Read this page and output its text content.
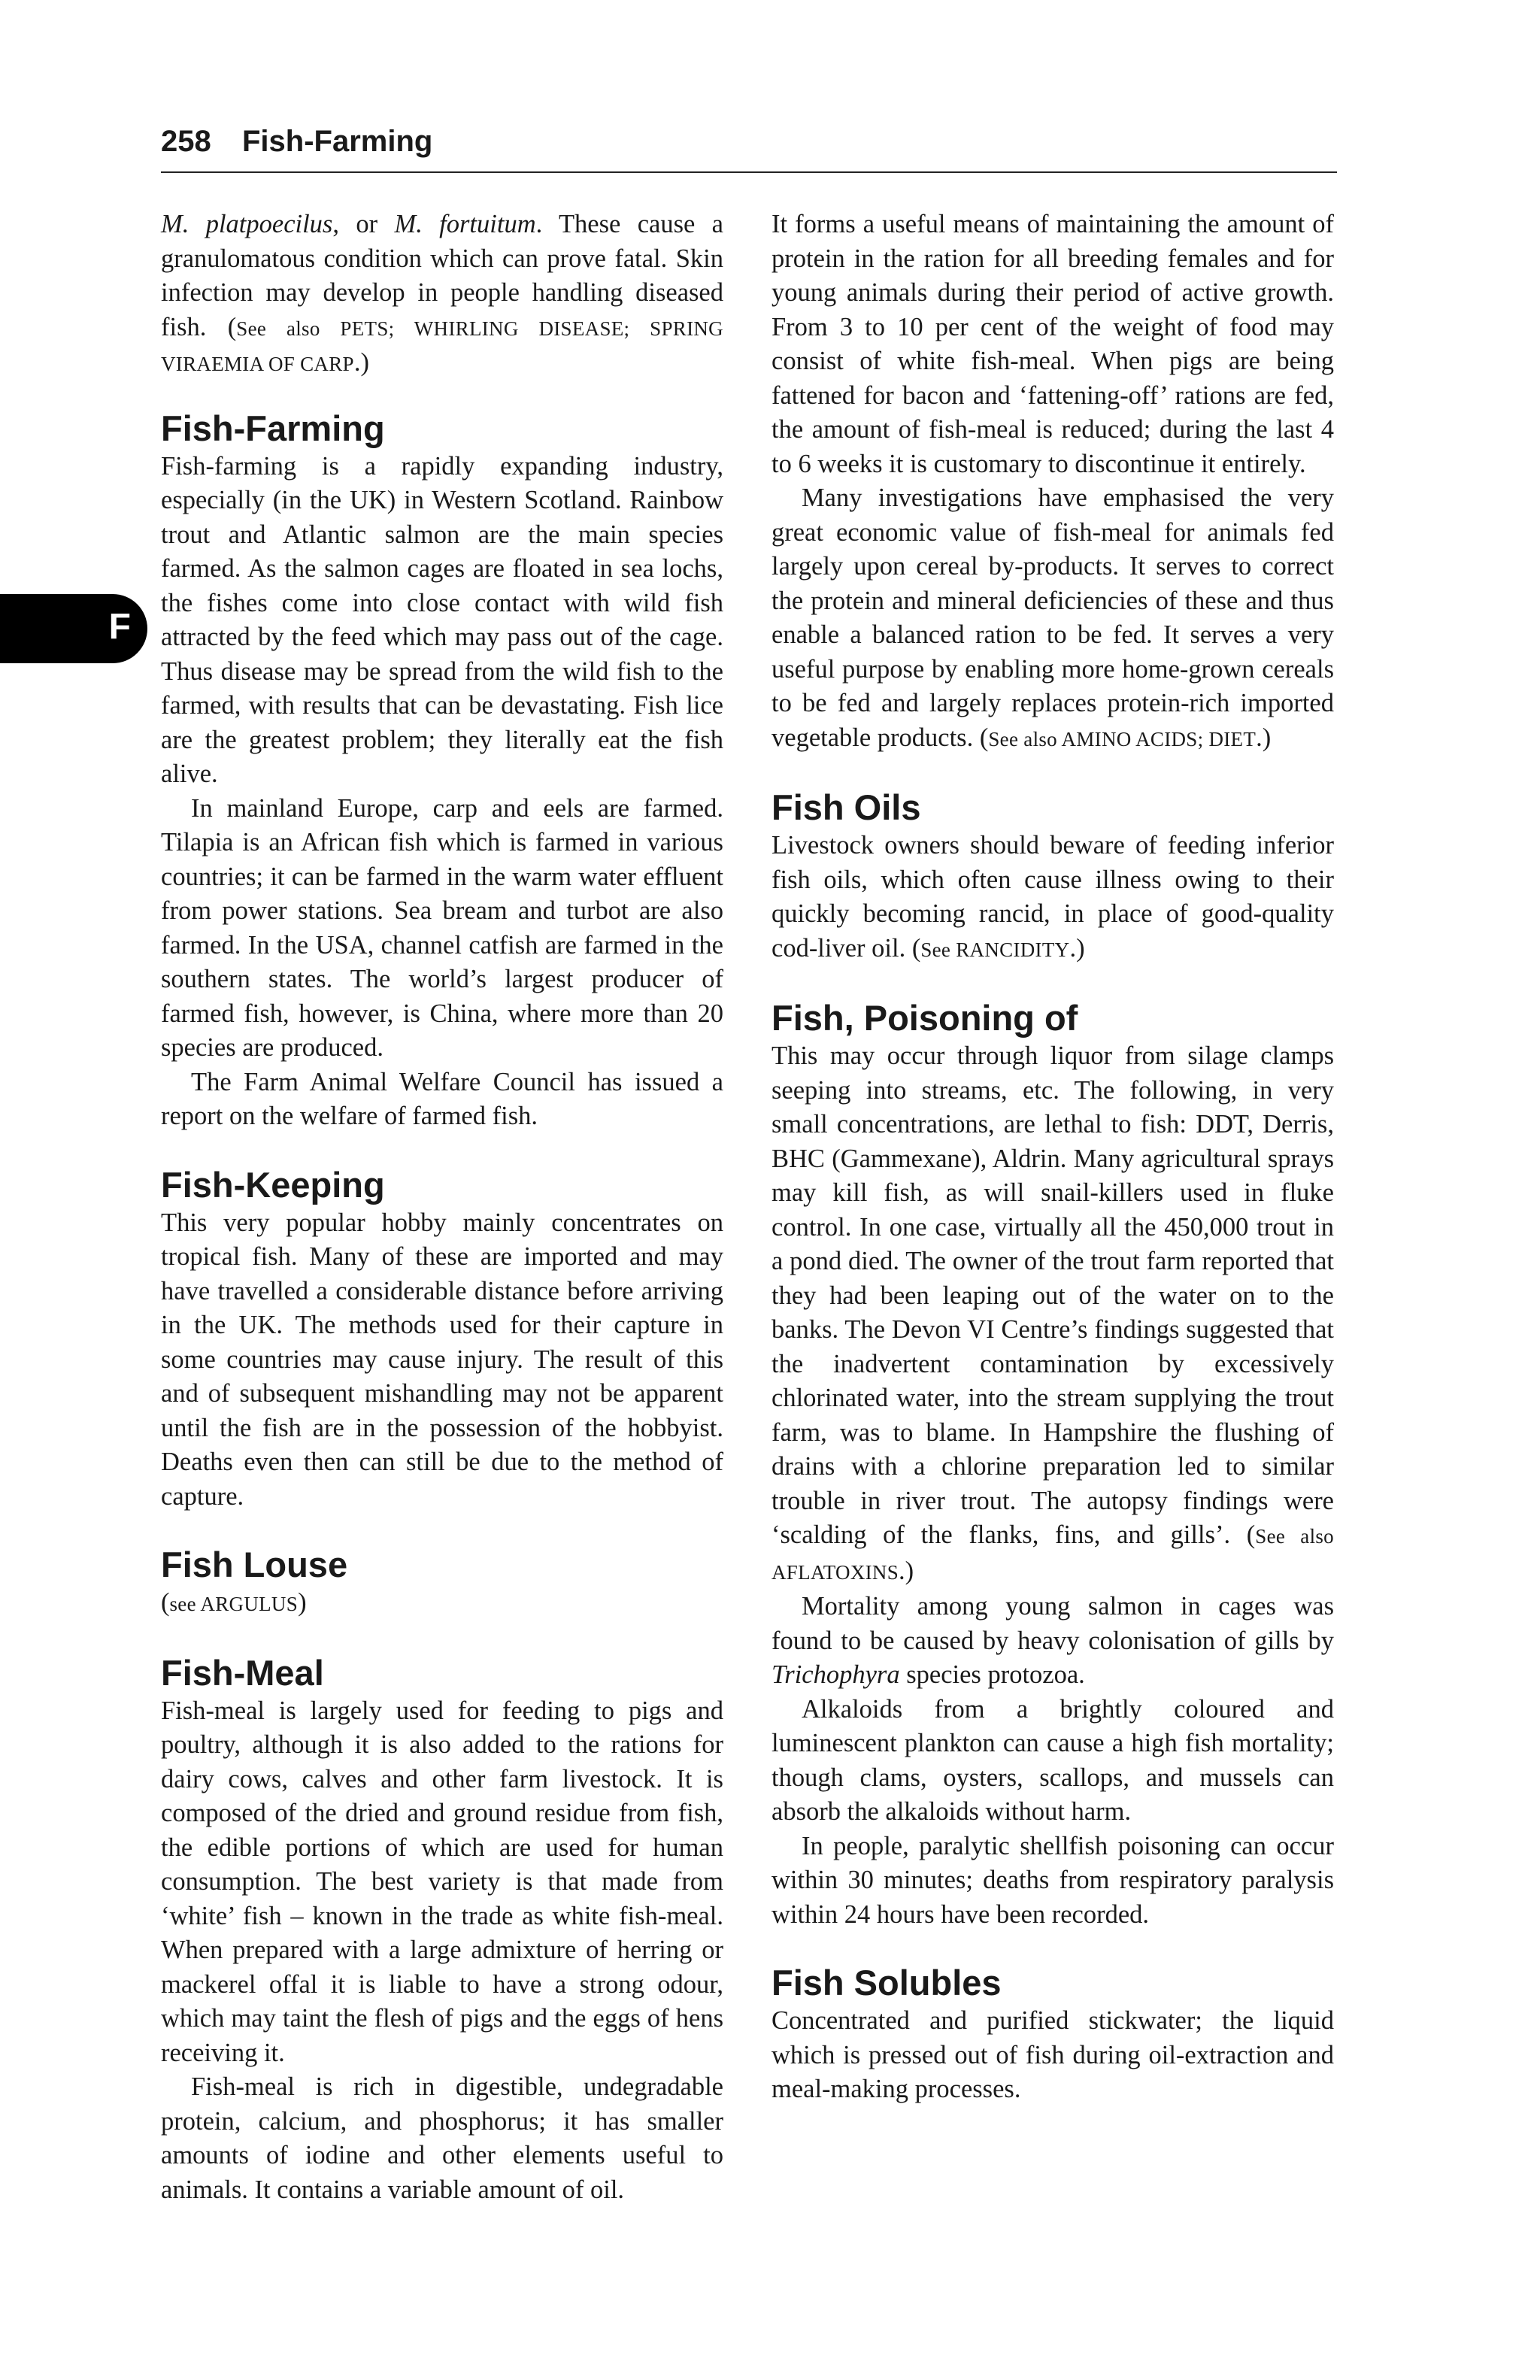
258 Fish-Farming
F

M. platpoecilus, or M. fortuitum. These cause a granulomatous condition which can prove fatal. Skin infection may develop in people handling diseased fish. (See also PETS; WHIRLING DISEASE; SPRING VIRAEMIA OF CARP.)

Fish-Farming

Fish-farming is a rapidly expanding industry, especially (in the UK) in Western Scotland. Rainbow trout and Atlantic salmon are the main species farmed. As the salmon cages are floated in sea lochs, the fishes come into close contact with wild fish attracted by the feed which may pass out of the cage. Thus disease may be spread from the wild fish to the farmed, with results that can be devastating. Fish lice are the greatest problem; they literally eat the fish alive.

In mainland Europe, carp and eels are farmed. Tilapia is an African fish which is farmed in various countries; it can be farmed in the warm water effluent from power stations. Sea bream and turbot are also farmed. In the USA, channel catfish are farmed in the southern states. The world’s largest producer of farmed fish, however, is China, where more than 20 species are produced.

The Farm Animal Welfare Council has issued a report on the welfare of farmed fish.

Fish-Keeping

This very popular hobby mainly concentrates on tropical fish. Many of these are imported and may have travelled a considerable distance before arriving in the UK. The methods used for their capture in some countries may cause injury. The result of this and of subsequent mishandling may not be apparent until the fish are in the possession of the hobbyist. Deaths even then can still be due to the method of capture.

Fish Louse

(see ARGULUS)

Fish-Meal

Fish-meal is largely used for feeding to pigs and poultry, although it is also added to the rations for dairy cows, calves and other farm livestock. It is composed of the dried and ground residue from fish, the edible portions of which are used for human consumption. The best variety is that made from ‘white’ fish – known in the trade as white fish-meal. When prepared with a large admixture of herring or mackerel offal it is liable to have a strong odour, which may taint the flesh of pigs and the eggs of hens receiving it.

Fish-meal is rich in digestible, undegradable protein, calcium, and phosphorus; it has smaller amounts of iodine and other elements useful to animals. It contains a variable amount of oil.

It forms a useful means of maintaining the amount of protein in the ration for all breeding females and for young animals during their period of active growth. From 3 to 10 per cent of the weight of food may consist of white fish-meal. When pigs are being fattened for bacon and ‘fattening-off’ rations are fed, the amount of fish-meal is reduced; during the last 4 to 6 weeks it is customary to discontinue it entirely.

Many investigations have emphasised the very great economic value of fish-meal for animals fed largely upon cereal by-products. It serves to correct the protein and mineral deficiencies of these and thus enable a balanced ration to be fed. It serves a very useful purpose by enabling more home-grown cereals to be fed and largely replaces protein-rich imported vegetable products. (See also AMINO ACIDS; DIET.)

Fish Oils

Livestock owners should beware of feeding inferior fish oils, which often cause illness owing to their quickly becoming rancid, in place of good-quality cod-liver oil. (See RANCIDITY.)

Fish, Poisoning of

This may occur through liquor from silage clamps seeping into streams, etc. The following, in very small concentrations, are lethal to fish: DDT, Derris, BHC (Gammexane), Aldrin. Many agricultural sprays may kill fish, as will snail-killers used in fluke control. In one case, virtually all the 450,000 trout in a pond died. The owner of the trout farm reported that they had been leaping out of the water on to the banks. The Devon VI Centre’s findings suggested that the inadvertent contamination by excessively chlorinated water, into the stream supplying the trout farm, was to blame. In Hampshire the flushing of drains with a chlorine preparation led to similar trouble in river trout. The autopsy findings were ‘scalding of the flanks, fins, and gills’. (See also AFLATOXINS.)

Mortality among young salmon in cages was found to be caused by heavy colonisation of gills by Trichophyra species protozoa.

Alkaloids from a brightly coloured and luminescent plankton can cause a high fish mortality; though clams, oysters, scallops, and mussels can absorb the alkaloids without harm.

In people, paralytic shellfish poisoning can occur within 30 minutes; deaths from respiratory paralysis within 24 hours have been recorded.

Fish Solubles

Concentrated and purified stickwater; the liquid which is pressed out of fish during oil-extraction and meal-making processes.
